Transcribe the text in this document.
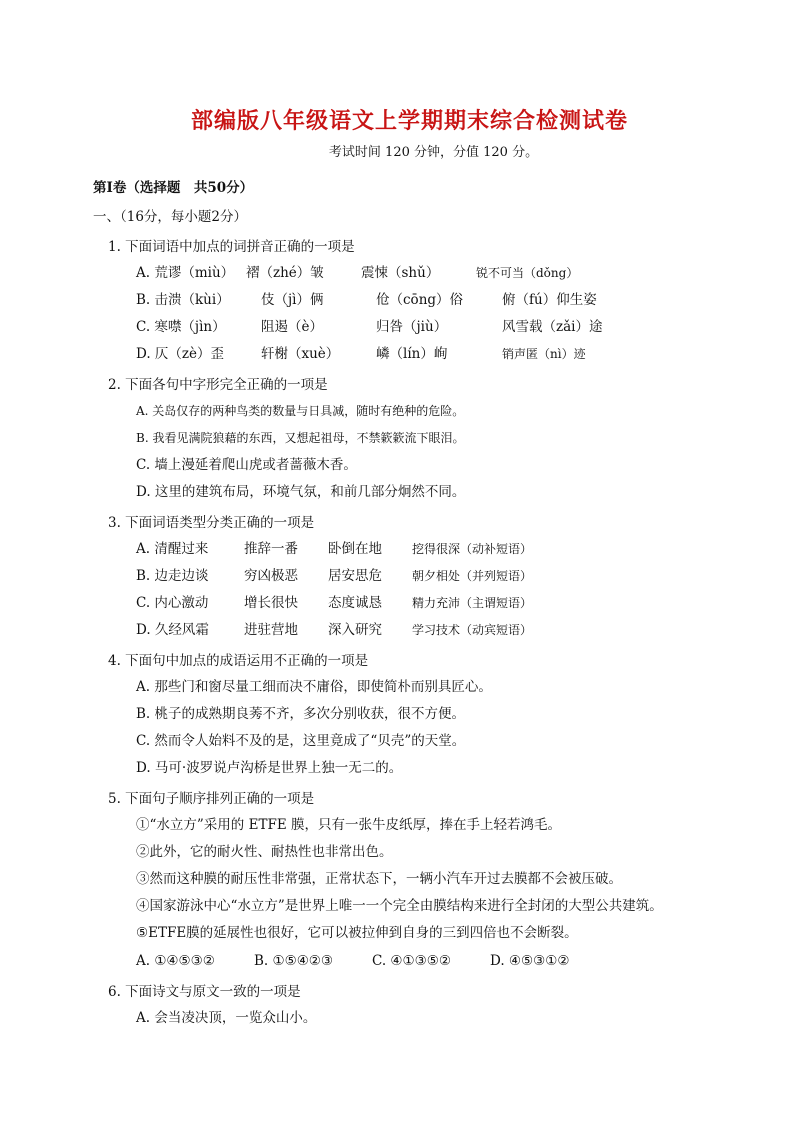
部编版八年级语文上学期期末综合检测试卷
考试时间 120 分钟，分值 120 分。
第Ⅰ卷（选择题　共50分）
一、（16分，每小题2分）
1. 下面词语中加点的词拼音正确的一项是
A. 荒谬（miù） 褶（zhé）皱	震悚（shǔ）	锐不可当（dǒng）
B. 击溃（kùi）	伎（jì）俩	伧（cōng）俗	俯（fú）仰生姿
C. 寒噤（jìn）	阻遏（è）	归咎（jiù）	风雪载（zǎi）途
D. 仄（zè）歪	轩榭（xuè）	嶙（lín）峋	销声匿（nì）迹
2. 下面各句中字形完全正确的一项是
A. 关岛仅存的两种鸟类的数量与日具减，随时有绝种的危险。
B. 我看见满院狼藉的东西，又想起祖母，不禁簌簌流下眼泪。
C. 墙上漫延着爬山虎或者蔷薇木香。
D. 这里的建筑布局，环境气氛，和前几部分炯然不同。
3. 下面词语类型分类正确的一项是
A. 清醒过来	推辞一番	卧倒在地	挖得很深（动补短语）
B. 边走边谈	穷凶极恶	居安思危	朝夕相处（并列短语）
C. 内心激动	增长很快	态度诚恳	精力充沛（主谓短语）
D. 久经风霜	进驻营地	深入研究	学习技术（动宾短语）
4. 下面句中加点的成语运用不正确的一项是
A. 那些门和窗尽量工细而决不庸俗，即使简朴而别具匠心。
B. 桃子的成熟期良莠不齐，多次分别收获，很不方便。
C. 然而令人始料不及的是，这里竟成了“贝壳”的天堂。
D. 马可·波罗说卢沟桥是世界上独一无二的。
5. 下面句子顺序排列正确的一项是
①“水立方”采用的 ETFE 膜，只有一张牛皮纸厚，捧在手上轻若鸿毛。
②此外，它的耐火性、耐热性也非常出色。
③然而这种膜的耐压性非常强，正常状态下，一辆小汽车开过去膜都不会被压破。
④国家游泳中心“水立方”是世界上唯一一个完全由膜结构来进行全封闭的大型公共建筑。
⑤ETFE膜的延展性也很好，它可以被拉伸到自身的三到四倍也不会断裂。
A. ①④⑤③②	B. ①⑤④②③	C. ④①③⑤②	D. ④⑤③①②
6. 下面诗文与原文一致的一项是
A. 会当凌决顶，一览众山小。
